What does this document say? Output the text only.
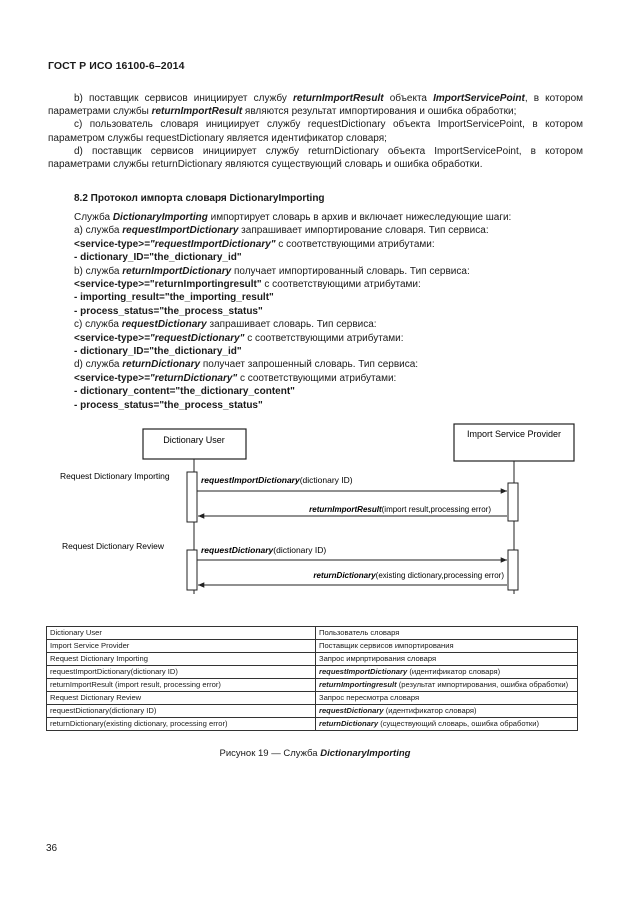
ГОСТ Р ИСО 16100-6–2014

b) поставщик сервисов инициирует службу returnImportResult объекта ImportServicePoint, в котором параметрами службы returnImportResult являются результат импортирования и ошибка обработки;

c) пользователь словаря инициирует службу requestDictionary объекта ImportServicePoint, в котором параметром службы requestDictionary является идентификатор словаря;

d) поставщик сервисов инициирует службу returnDictionary объекта ImportServicePoint, в котором параметрами службы returnDictionary являются существующий словарь и ошибка обработки.

8.2 Протокол импорта словаря DictionaryImporting
Служба DictionaryImporting импортирует словарь в архив и включает нижеследующие шаги:
a) служба requestImportDictionary запрашивает импортирование словаря. Тип сервиса:
<service-type>="requestImportDictionary" с соответствующими атрибутами:
- dictionary_ID="the_dictionary_id"
b) служба returnImportDictionary получает импортированный словарь. Тип сервиса:
<service-type>="returnImportingresult" с соответствующими атрибутами:
- importing_result="the_importing_result"
- process_status="the_process_status"
c) служба requestDictionary запрашивает словарь. Тип сервиса:
<service-type>="requestDictionary" с соответствующими атрибутами:
- dictionary_ID="the_dictionary_id"
d) служба returnDictionary получает запрошенный словарь. Тип сервиса:
<service-type>="returnDictionary" с соответствующими атрибутами:
- dictionary_content="the_dictionary_content"
- process_status="the_process_status"
Dictionary User
Import Service Provider
Request Dictionary Importing
Request Dictionary Review
requestImportDictionary(dictionary ID)
returnImportResult(import result,processing error)
requestDictionary(dictionary ID)
returnDictionary(existing dictionary,processing error)
Dictionary User	Пользователь словаря
Import Service Provider	Поставщик сервисов импортирования
Request Dictionary Importing	Запрос имрпртирования словаря
requestImportDictionary(dictionary ID)	requestImportDictionary (идентификатор словаря)
returnImportResult (import result, processing error)	returnImportingresult (результат импортирования, ошибка обработки)
Request Dictionary Review	Запрос пересмотра словаря
requestDictionary(dictionary ID)	requestDictionary (идентификатор словаря)
returnDictionary(existing dictionary, processing error)	returnDictionary (существующий словарь, ошибка обработки)
Рисунок 19 — Служба DictionaryImporting
36
